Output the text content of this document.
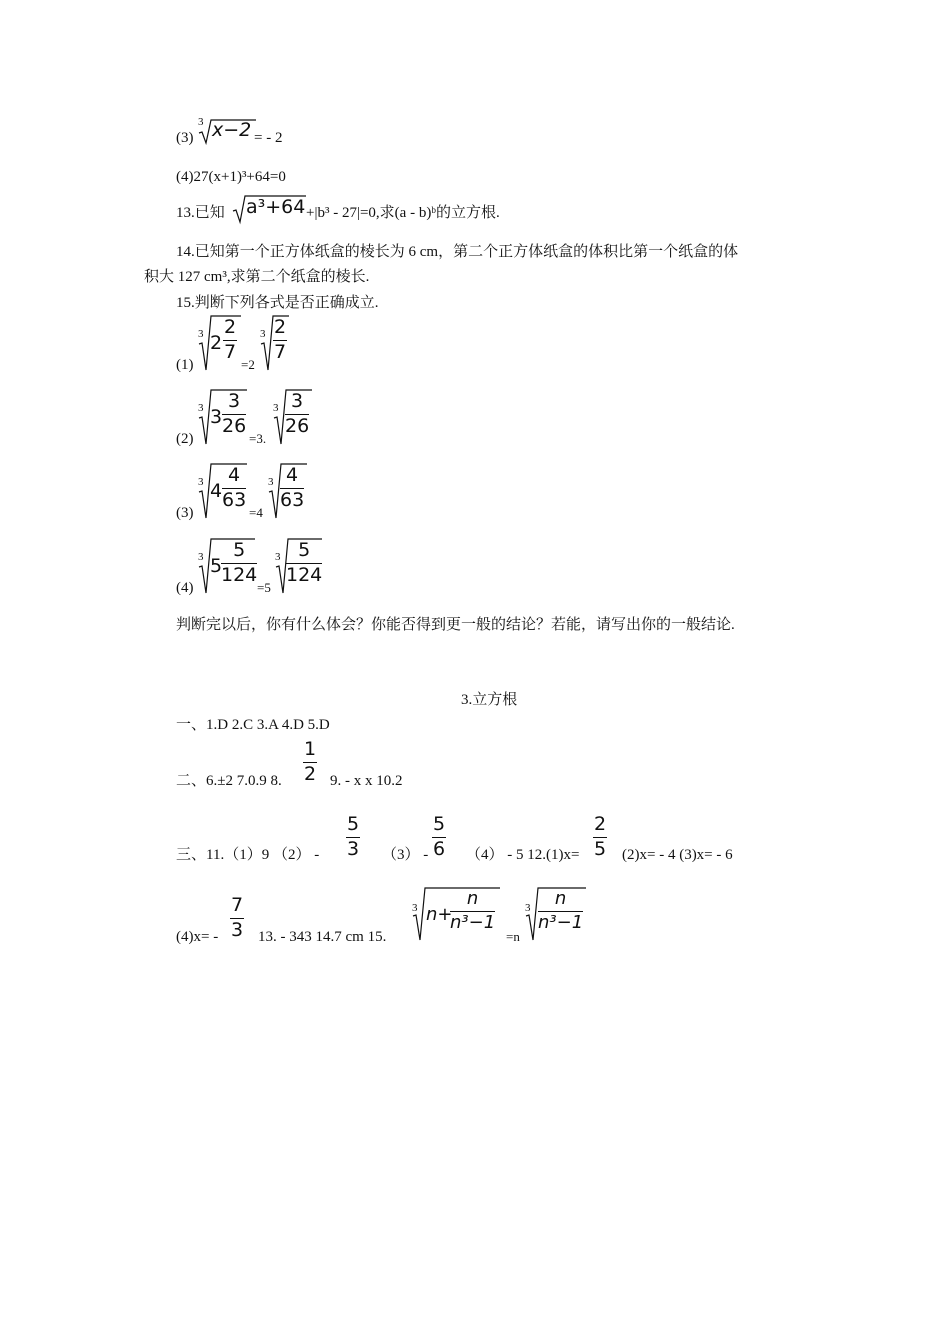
(3)
3 x−2 = - 2
(4)27(x+1)³+64=0
13.已知 a³+64 +|b³ - 27|=0,求(a - b)ᵇ的立方根.
14.已知第一个正方体纸盒的棱长为 6 cm，第二个正方体纸盒的体积比第一个纸盒的体
积大 127 cm³,求第二个纸盒的棱长.
15.判断下列各式是否正确成立.
(1)
3 $2 \frac{2}{7}$
=2
$3 \frac{2}{7}$
(2)
3 $3 \frac{3}{26}$
=3.
$3 \frac{3}{26}$
(3)
3 $4 \frac{4}{63}$
=4
$3 \frac{4}{63}$
(4)
3 5
$\frac{5}{124}$
=5
$3 \frac{5}{124}$
判断完以后，你有什么体会？你能否得到更一般的结论？若能，请写出你的一般结论.
3.立方根
一、1.D 2.C 3.A 4.D 5.D
二、6.±2 7.0.9 8. $\frac{1}{2} 9$. - x x 10.2
三、11.（1）9 $(2) - \frac{5}{3} (3) - \frac{5}{6} (4) - 5$ $12.(1)x= \frac{2}{5} (2)x= - 4$ (3)x= - 6
$(4)x= - \frac{7}{3} 13$. - 343 14.7 cm 15.
3 n+
$\frac{n}{\text{n³−1}}$
=n
$3 \frac{n}{\text{n³−1}}$
